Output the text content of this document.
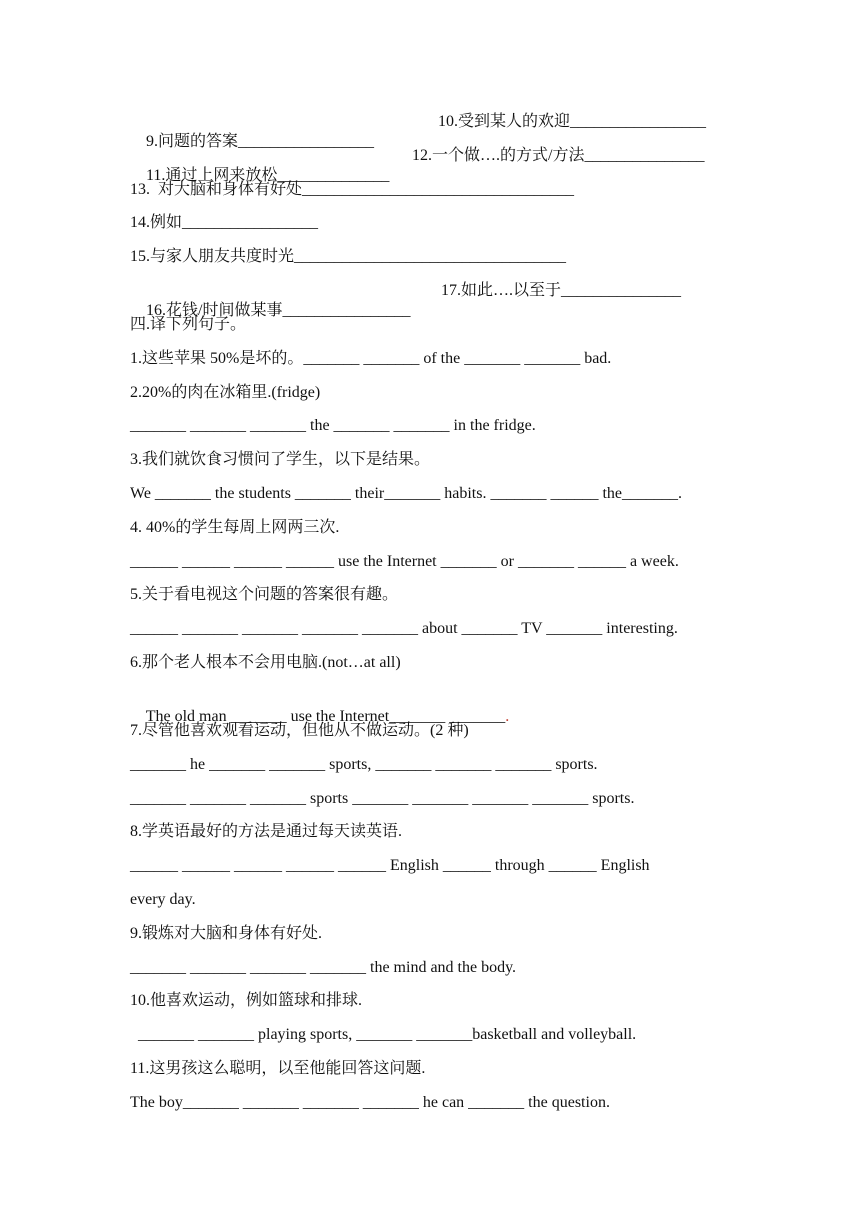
9.问题的答案_________________

10.受到某人的欢迎_________________

11.通过上网来放松______________

12.一个做….的方式/方法_______________

13.  对大脑和身体有好处__________________________________
14.例如_________________
15.与家人朋友共度时光__________________________________

16.花钱/时间做某事________________

17.如此….以至于_______________

四.译下列句子。
1.这些苹果 50%是坏的。_______ _______ of the _______ _______ bad.
2.20%的肉在冰箱里.(fridge)
_______ _______ _______ the _______ _______ in the fridge.
3.我们就饮食习惯问了学生，以下是结果。
We _______ the students _______ their_______ habits. _______ ______ the_______.
4. 40%的学生每周上网两三次.
______ ______ ______ ______ use the Internet _______ or _______ ______ a week.
5.关于看电视这个问题的答案很有趣。
______ _______ _______ _______ _______ about _______ TV _______ interesting.
6.那个老人根本不会用电脑.(not…at all)

The old man _______ use the Internet_______ _______.

7.尽管他喜欢观看运动，但他从不做运动。(2 种)
_______ he _______ _______ sports, _______ _______ _______ sports.
_______ _______ _______ sports _______ _______ _______ _______ sports.
8.学英语最好的方法是通过每天读英语.
______ ______ ______ ______ ______ English ______ through ______ English
every day.
9.锻炼对大脑和身体有好处.
_______ _______ _______ _______ the mind and the body.
10.他喜欢运动，例如篮球和排球.
_______ _______ playing sports, _______ _______basketball and volleyball.
11.这男孩这么聪明，以至他能回答这问题.
The boy_______ _______ _______ _______ he can _______ the question.
